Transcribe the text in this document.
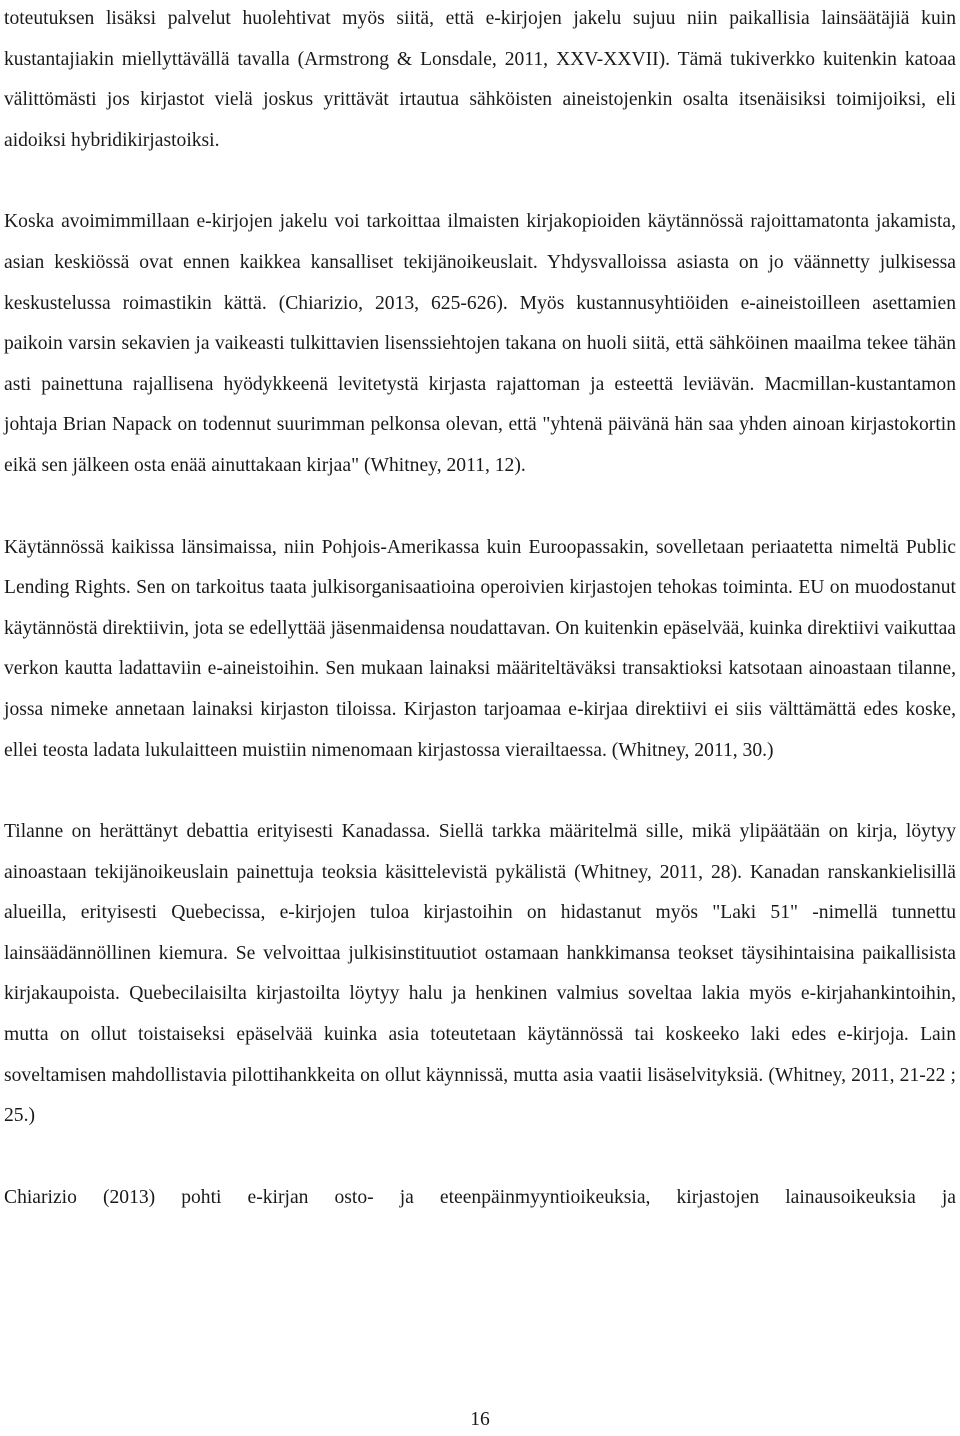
toteutuksen lisäksi palvelut huolehtivat myös siitä, että e-kirjojen jakelu sujuu niin paikallisia lainsäätäjiä kuin kustantajiakin miellyttävällä tavalla (Armstrong & Lonsdale, 2011, XXV-XXVII). Tämä tukiverkko kuitenkin katoaa välittömästi jos kirjastot vielä joskus yrittävät irtautua sähköisten aineistojenkin osalta itsenäisiksi toimijoiksi, eli aidoiksi hybridikirjastoiksi.

Koska avoimimmillaan e-kirjojen jakelu voi tarkoittaa ilmaisten kirjakopioiden käytännössä rajoittamatonta jakamista, asian keskiössä ovat ennen kaikkea kansalliset tekijänoikeuslait. Yhdysvalloissa asiasta on jo väännetty julkisessa keskustelussa roimastikin kättä. (Chiarizio, 2013, 625-626). Myös kustannusyhtiöiden e-aineistoilleen asettamien paikoin varsin sekavien ja vaikeasti tulkittavien lisenssiehtojen takana on huoli siitä, että sähköinen maailma tekee tähän asti painettuna rajallisena hyödykkeenä levitetystä kirjasta rajattoman ja esteettä leviävän. Macmillan-kustantamon johtaja Brian Napack on todennut suurimman pelkonsa olevan, että "yhtenä päivänä hän saa yhden ainoan kirjastokortin eikä sen jälkeen osta enää ainuttakaan kirjaa" (Whitney, 2011, 12).

Käytännössä kaikissa länsimaissa, niin Pohjois-Amerikassa kuin Euroopassakin, sovelletaan periaatetta nimeltä Public Lending Rights. Sen on tarkoitus taata julkisorganisaatioina operoivien kirjastojen tehokas toiminta. EU on muodostanut käytännöstä direktiivin, jota se edellyttää jäsenmaidensa noudattavan. On kuitenkin epäselvää, kuinka direktiivi vaikuttaa verkon kautta ladattaviin e-aineistoihin. Sen mukaan lainaksi määriteltäväksi transaktioksi katsotaan ainoastaan tilanne, jossa nimeke annetaan lainaksi kirjaston tiloissa. Kirjaston tarjoamaa e-kirjaa direktiivi ei siis välttämättä edes koske, ellei teosta ladata lukulaitteen muistiin nimenomaan kirjastossa vierailtaessa. (Whitney, 2011, 30.)

Tilanne on herättänyt debattia erityisesti Kanadassa. Siellä tarkka määritelmä sille, mikä ylipäätään on kirja, löytyy ainoastaan tekijänoikeuslain painettuja teoksia käsittelevistä pykälistä (Whitney, 2011, 28). Kanadan ranskankielisillä alueilla, erityisesti Quebecissa, e-kirjojen tuloa kirjastoihin on hidastanut myös "Laki 51" -nimellä tunnettu lainsäädännöllinen kiemura. Se velvoittaa julkisinstituutiot ostamaan hankkimansa teokset täysihintaisina paikallisista kirjakaupoista. Quebecilaisilta kirjastoilta löytyy halu ja henkinen valmius soveltaa lakia myös e-kirjahankintoihin, mutta on ollut toistaiseksi epäselvää kuinka asia toteutetaan käytännössä tai koskeeko laki edes e-kirjoja. Lain soveltamisen mahdollistavia pilottihankkeita on ollut käynnissä, mutta asia vaatii lisäselvityksiä. (Whitney, 2011, 21-22 ; 25.)

Chiarizio (2013) pohti e-kirjan osto- ja eteenpäinmyyntioikeuksia, kirjastojen lainausoikeuksia ja

16
